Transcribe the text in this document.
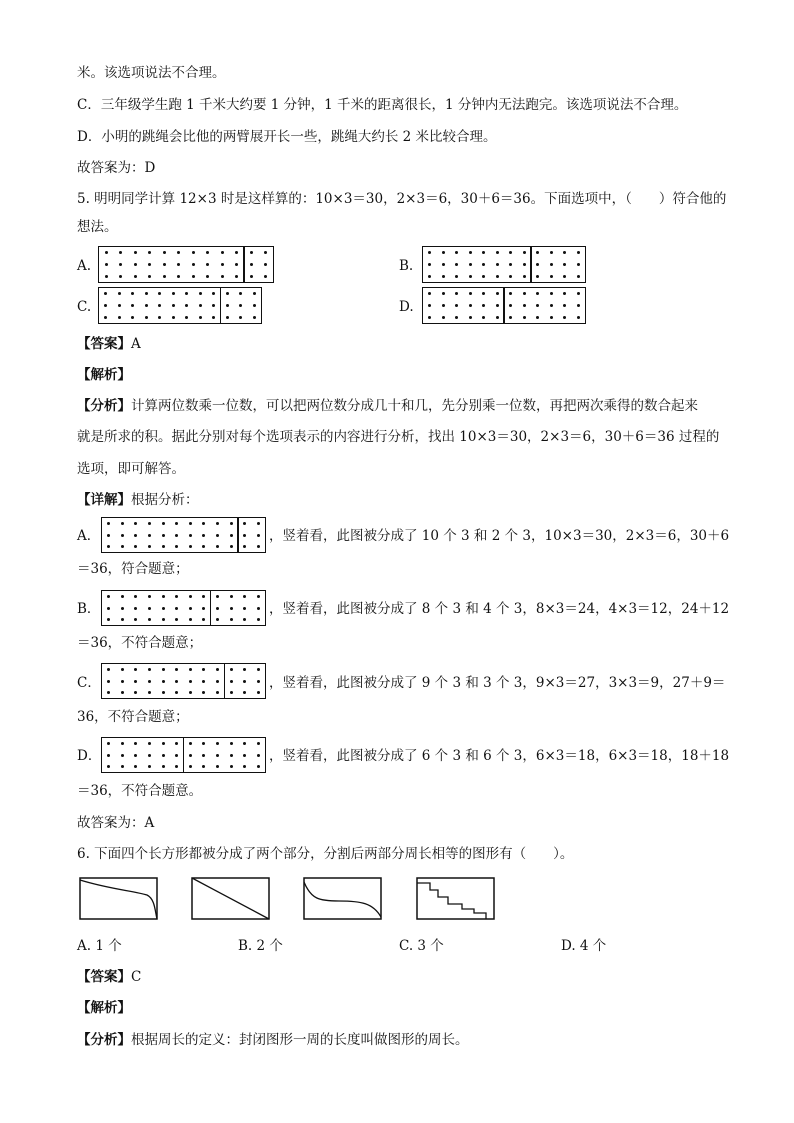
米。该选项说法不合理。
C．三年级学生跑 1 千米大约要 1 分钟，1 千米的距离很长，1 分钟内无法跑完。该选项说法不合理。
D．小明的跳绳会比他的两臂展开长一些，跳绳大约长 2 米比较合理。
故答案为：D
5. 明明同学计算 12×3 时是这样算的：10×3＝30，2×3＝6，30＋6＝36。下面选项中，（　　）符合他的
想法。
A.	B.
C.	D.
【答案】A
【解析】
【分析】计算两位数乘一位数，可以把两位数分成几十和几，先分别乘一位数，再把两次乘得的数合起来
就是所求的积。据此分别对每个选项表示的内容进行分析，找出 10×3＝30，2×3＝6，30＋6＝36 过程的
选项，即可解答。
【详解】根据分析：
A．	，竖着看，此图被分成了 10 个 3 和 2 个 3，10×3＝30，2×3＝6，30＋6
＝36，符合题意；
B．	，竖着看，此图被分成了 8 个 3 和 4 个 3，8×3＝24，4×3＝12，24＋12
＝36，不符合题意；
C．	，竖着看，此图被分成了 9 个 3 和 3 个 3，9×3＝27，3×3＝9，27＋9＝
36，不符合题意；
D．	，竖着看，此图被分成了 6 个 3 和 6 个 3，6×3＝18，6×3＝18，18＋18
＝36，不符合题意。
故答案为：A
6. 下面四个长方形都被分成了两个部分，分割后两部分周长相等的图形有（　　）。
A. 1 个	B. 2 个	C. 3 个	D. 4 个
【答案】C
【解析】
【分析】根据周长的定义：封闭图形一周的长度叫做图形的周长。
